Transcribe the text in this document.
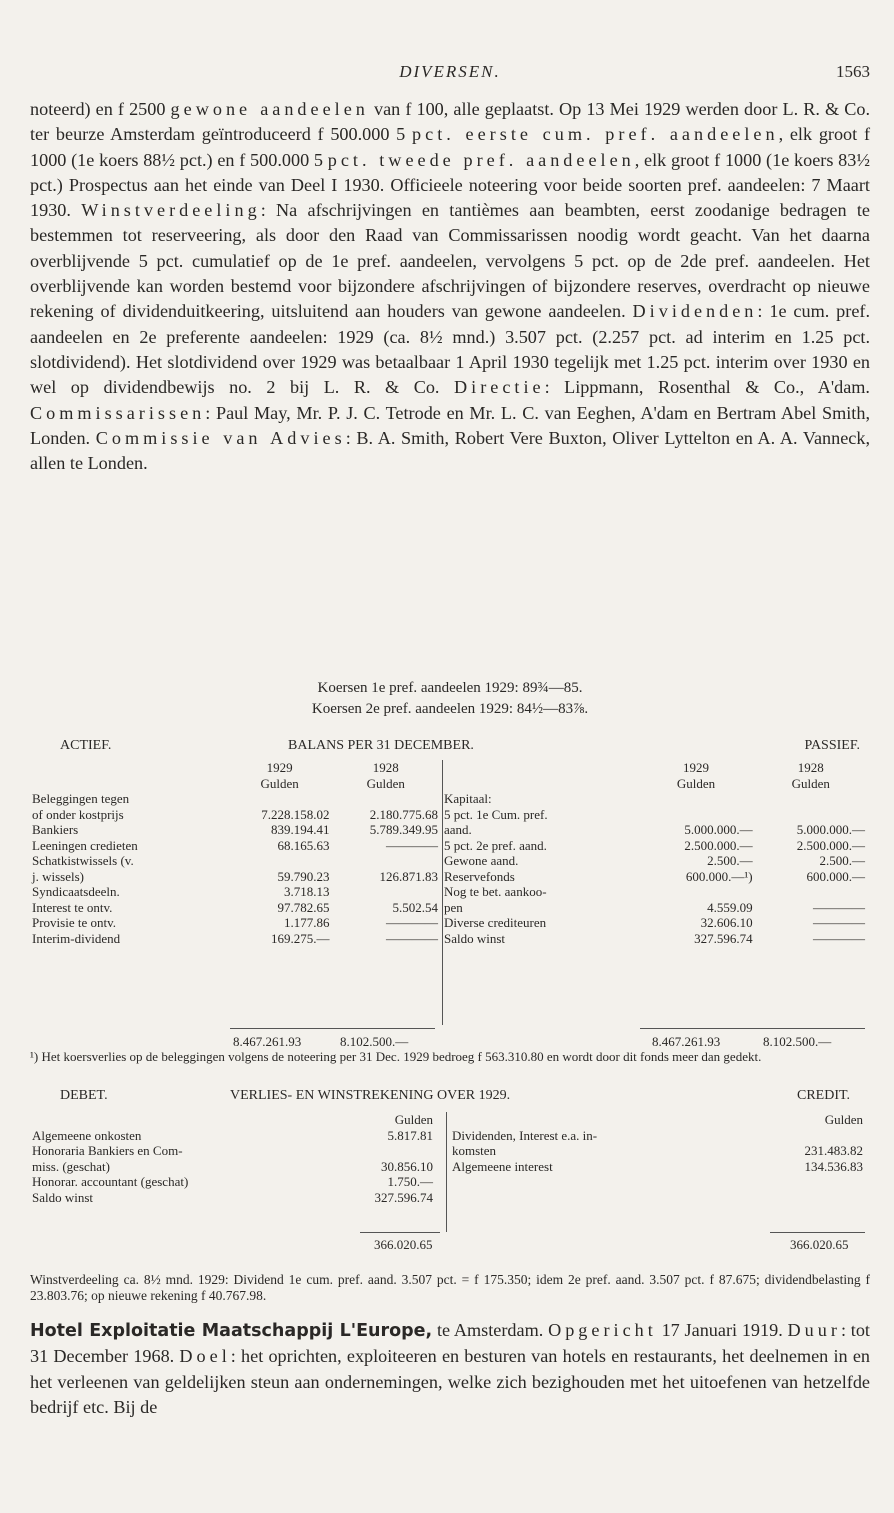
DIVERSEN.	1563

noteerd) en f 2500 gewone aandeelen van f 100, alle geplaatst. Op 13 Mei 1929 werden door L. R. & Co. ter beurze Amsterdam geïntroduceerd f 500.000 5 pct. eerste cum. pref. aandeelen, elk groot f 1000 (1e koers 88½ pct.) en f 500.000 5 pct. tweede pref. aandeelen, elk groot f 1000 (1e koers 83½ pct.) Prospectus aan het einde van Deel I 1930. Officieele noteering voor beide soorten pref. aandeelen: 7 Maart 1930. Winstverdeeling: Na afschrijvingen en tantièmes aan beambten, eerst zoodanige bedragen te bestemmen tot reserveering, als door den Raad van Commissarissen noodig wordt geacht. Van het daarna overblijvende 5 pct. cumulatief op de 1e pref. aandeelen, vervolgens 5 pct. op de 2de pref. aandeelen. Het overblijvende kan worden bestemd voor bijzondere afschrijvingen of bijzondere reserves, overdracht op nieuwe rekening of dividenduitkeering, uitsluitend aan houders van gewone aandeelen. Dividenden: 1e cum. pref. aandeelen en 2e preferente aandeelen: 1929 (ca. 8½ mnd.) 3.507 pct. (2.257 pct. ad interim en 1.25 pct. slotdividend). Het slotdividend over 1929 was betaalbaar 1 April 1930 tegelijk met 1.25 pct. interim over 1930 en wel op dividendbewijs no. 2 bij L. R. & Co. Directie: Lippmann, Rosenthal & Co., A'dam. Commissarissen: Paul May, Mr. P. J. C. Tetrode en Mr. L. C. van Eeghen, A'dam en Bertram Abel Smith, Londen. Commissie van Advies: B. A. Smith, Robert Vere Buxton, Oliver Lyttelton en A. A. Vanneck, allen te Londen.

Koersen 1e pref. aandeelen 1929: 89¾—85.
Koersen 2e pref. aandeelen 1929: 84½—83⅞.
ACTIEF.	BALANS PER 31 DECEMBER.	PASSIEF.
	1929	1928
	Gulden	Gulden
Beleggingen tegen		
of onder kostprijs	7.228.158.02	2.180.775.68
Bankiers	839.194.41	5.789.349.95
Leeningen credieten	68.165.63	————
Schatkistwissels (v.		
j. wissels)	59.790.23	126.871.83
Syndicaatsdeeln.	3.718.13	
Interest te ontv.	97.782.65	5.502.54
Provisie te ontv.	1.177.86	————
Interim-dividend	169.275.—	————
	1929	1928
	Gulden	Gulden
Kapitaal:		
5 pct. 1e Cum. pref.		
aand.	5.000.000.—	5.000.000.—
5 pct. 2e pref. aand.	2.500.000.—	2.500.000.—
Gewone aand.	2.500.—	2.500.—
Reservefonds	600.000.—¹)	600.000.—
Nog te bet. aankoo-		
pen	4.559.09	————
Diverse crediteuren	32.606.10	————
Saldo winst	327.596.74	————
8.467.261.93	8.102.500.—	8.467.261.93	8.102.500.—
¹) Het koersverlies op de beleggingen volgens de noteering per 31 Dec. 1929 bedroeg f 563.310.80 en wordt door dit fonds meer dan gedekt.
DEBET.	VERLIES- EN WINSTREKENING OVER 1929.	CREDIT.
	Gulden
Algemeene onkosten	5.817.81
Honoraria Bankiers en Com-	
miss. (geschat)	30.856.10
Honorar. accountant (geschat)	1.750.—
Saldo winst	327.596.74
	Gulden
Dividenden, Interest e.a. in-	
komsten	231.483.82
Algemeene interest	134.536.83
366.020.65	366.020.65
Winstverdeeling ca. 8½ mnd. 1929: Dividend 1e cum. pref. aand. 3.507 pct. = f 175.350; idem 2e pref. aand. 3.507 pct. f 87.675; dividendbelasting f 23.803.76; op nieuwe rekening f 40.767.98.
Hotel Exploitatie Maatschappij L'Europe, te Amsterdam. Opgericht 17 Januari 1919. Duur: tot 31 December 1968. Doel: het oprichten, exploiteeren en besturen van hotels en restaurants, het deelnemen in en het verleenen van geldelijken steun aan ondernemingen, welke zich bezighouden met het uitoefenen van hetzelfde bedrijf etc. Bij de
